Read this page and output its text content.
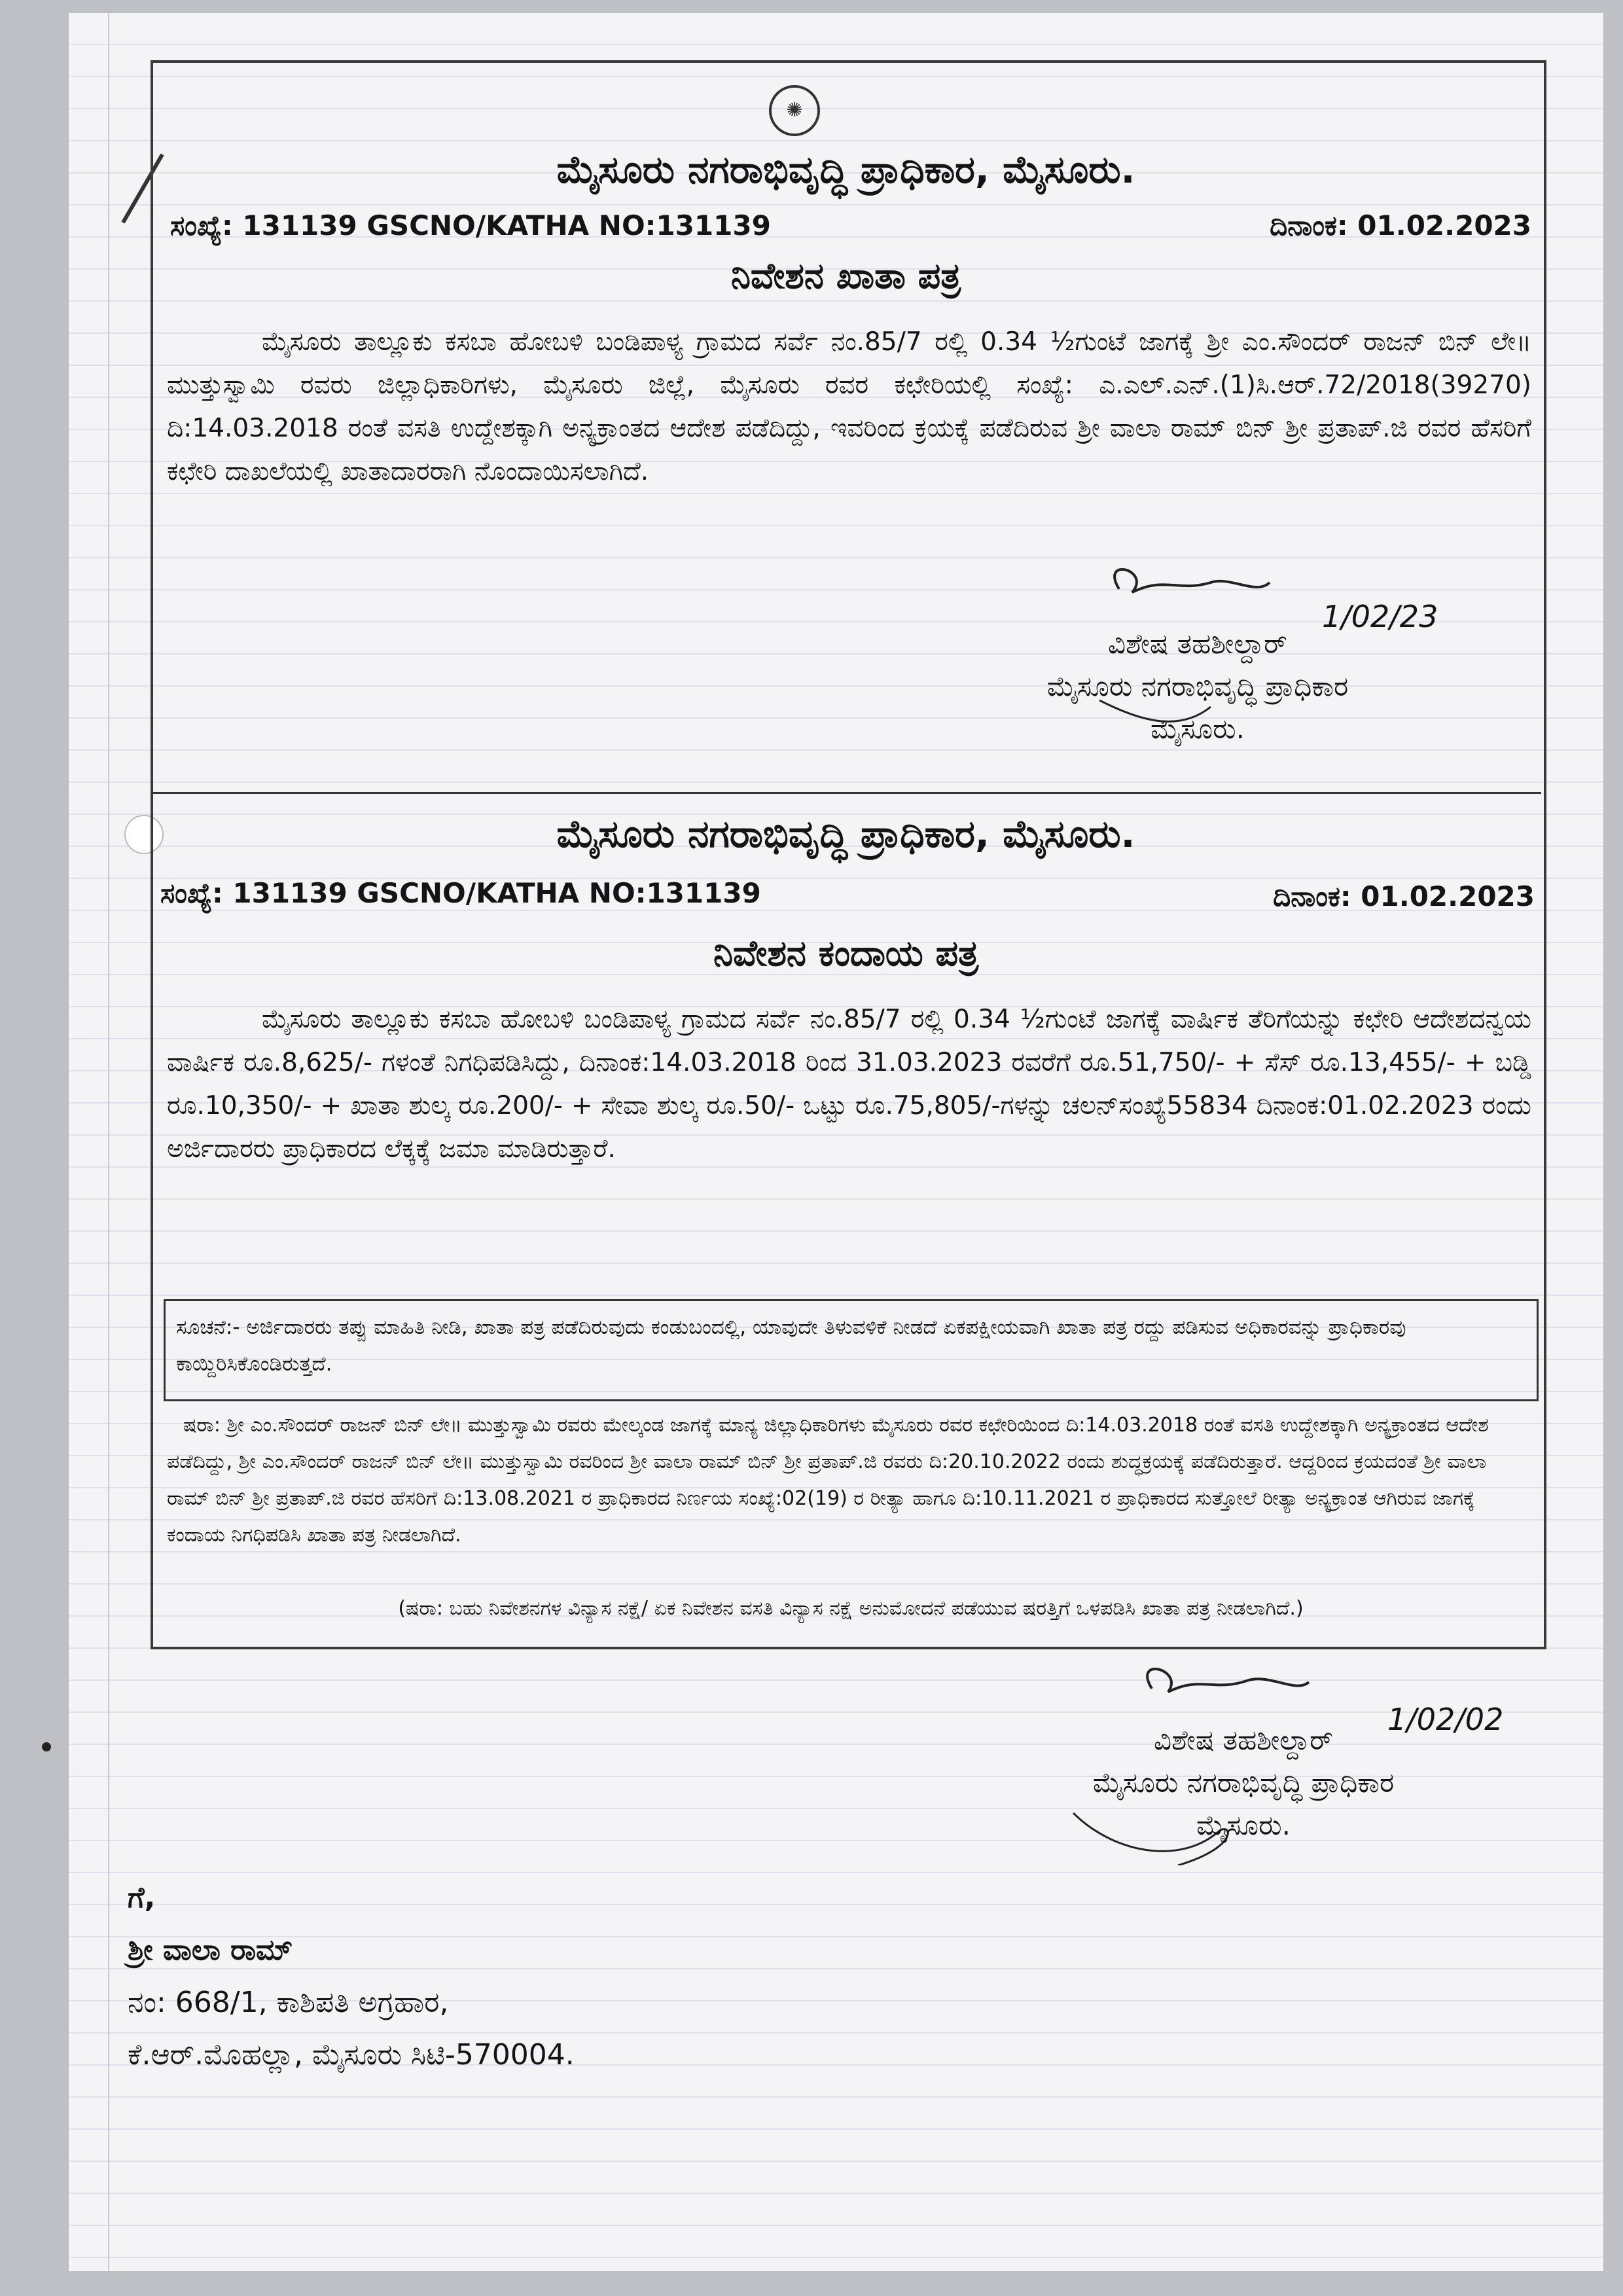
✺
ಮೈಸೂರು ನಗರಾಭಿವೃದ್ಧಿ ಪ್ರಾಧಿಕಾರ, ಮೈಸೂರು.
ಸಂಖ್ಯೆ: 131139 GSCNO/KATHA NO:131139	ದಿನಾಂಕ: 01.02.2023
ನಿವೇಶನ ಖಾತಾ ಪತ್ರ
ಮೈಸೂರು ತಾಲ್ಲೂಕು ಕಸಬಾ ಹೋಬಳಿ ಬಂಡಿಪಾಳ್ಯ ಗ್ರಾಮದ ಸರ್ವೆ ನಂ.85/7 ರಲ್ಲಿ 0.34 ½ಗುಂಟೆ ಜಾಗಕ್ಕೆ ಶ್ರೀ ಎಂ.ಸೌಂದರ್ ರಾಜನ್ ಬಿನ್ ಲೇ॥ ಮುತ್ತುಸ್ವಾಮಿ ರವರು ಜಿಲ್ಲಾಧಿಕಾರಿಗಳು, ಮೈಸೂರು ಜಿಲ್ಲೆ, ಮೈಸೂರು ರವರ ಕಛೇರಿಯಲ್ಲಿ ಸಂಖ್ಯೆ: ಎ.ಎಲ್.ಎನ್.(1)ಸಿ.ಆರ್.72/2018(39270) ದಿ:14.03.2018 ರಂತೆ ವಸತಿ ಉದ್ದೇಶಕ್ಕಾಗಿ ಅನ್ಯಕ್ರಾಂತದ ಆದೇಶ ಪಡೆದಿದ್ದು, ಇವರಿಂದ ಕ್ರಯಕ್ಕೆ ಪಡೆದಿರುವ ಶ್ರೀ ವಾಲಾ ರಾಮ್ ಬಿನ್ ಶ್ರೀ ಪ್ರತಾಪ್.ಜಿ ರವರ ಹೆಸರಿಗೆ ಕಛೇರಿ ದಾಖಲೆಯಲ್ಲಿ ಖಾತಾದಾರರಾಗಿ ನೊಂದಾಯಿಸಲಾಗಿದೆ.
1/02/23
ವಿಶೇಷ ತಹಶೀಲ್ದಾರ್
ಮೈಸೂರು ನಗರಾಭಿವೃದ್ಧಿ ಪ್ರಾಧಿಕಾರ
ಮೈಸೂರು.
ಮೈಸೂರು ನಗರಾಭಿವೃದ್ಧಿ ಪ್ರಾಧಿಕಾರ, ಮೈಸೂರು.
ಸಂಖ್ಯೆ: 131139 GSCNO/KATHA NO:131139	ದಿನಾಂಕ: 01.02.2023
ನಿವೇಶನ ಕಂದಾಯ ಪತ್ರ
ಮೈಸೂರು ತಾಲ್ಲೂಕು ಕಸಬಾ ಹೋಬಳಿ ಬಂಡಿಪಾಳ್ಯ ಗ್ರಾಮದ ಸರ್ವೆ ನಂ.85/7 ರಲ್ಲಿ 0.34 ½ಗುಂಟೆ ಜಾಗಕ್ಕೆ ವಾರ್ಷಿಕ ತೆರಿಗೆಯನ್ನು ಕಛೇರಿ ಆದೇಶದನ್ವಯ ವಾರ್ಷಿಕ ರೂ.8,625/- ಗಳಂತೆ ನಿಗಧಿಪಡಿಸಿದ್ದು, ದಿನಾಂಕ:14.03.2018 ರಿಂದ 31.03.2023 ರವರೆಗೆ ರೂ.51,750/- + ಸೆಸ್ ರೂ.13,455/- + ಬಡ್ಡಿ ರೂ.10,350/- + ಖಾತಾ ಶುಲ್ಕ ರೂ.200/- + ಸೇವಾ ಶುಲ್ಕ ರೂ.50/- ಒಟ್ಟು ರೂ.75,805/-ಗಳನ್ನು ಚಲನ್‌ಸಂಖ್ಯೆ55834 ದಿನಾಂಕ:01.02.2023 ರಂದು ಅರ್ಜಿದಾರರು ಪ್ರಾಧಿಕಾರದ ಲೆಕ್ಕಕ್ಕೆ ಜಮಾ ಮಾಡಿರುತ್ತಾರೆ.
ಸೂಚನೆ:- ಅರ್ಜಿದಾರರು ತಪ್ಪು ಮಾಹಿತಿ ನೀಡಿ, ಖಾತಾ ಪತ್ರ ಪಡೆದಿರುವುದು ಕಂಡುಬಂದಲ್ಲಿ, ಯಾವುದೇ ತಿಳುವಳಿಕೆ ನೀಡದೆ ಏಕಪಕ್ಷೀಯವಾಗಿ ಖಾತಾ ಪತ್ರ ರದ್ದು ಪಡಿಸುವ ಅಧಿಕಾರವನ್ನು ಪ್ರಾಧಿಕಾರವು ಕಾಯ್ದಿರಿಸಿಕೊಂಡಿರುತ್ತದೆ.
ಷರಾ: ಶ್ರೀ ಎಂ.ಸೌಂದರ್ ರಾಜನ್ ಬಿನ್ ಲೇ॥ ಮುತ್ತುಸ್ವಾಮಿ ರವರು ಮೇಲ್ಕಂಡ ಜಾಗಕ್ಕೆ ಮಾನ್ಯ ಜಿಲ್ಲಾಧಿಕಾರಿಗಳು ಮೈಸೂರು ರವರ ಕಛೇರಿಯಿಂದ ದಿ:14.03.2018 ರಂತೆ ವಸತಿ ಉದ್ದೇಶಕ್ಕಾಗಿ ಅನ್ಯಕ್ರಾಂತದ ಆದೇಶ ಪಡೆದಿದ್ದು, ಶ್ರೀ ಎಂ.ಸೌಂದರ್ ರಾಜನ್ ಬಿನ್ ಲೇ॥ ಮುತ್ತುಸ್ವಾಮಿ ರವರಿಂದ ಶ್ರೀ ವಾಲಾ ರಾಮ್ ಬಿನ್ ಶ್ರೀ ಪ್ರತಾಪ್.ಜಿ ರವರು ದಿ:20.10.2022 ರಂದು ಶುದ್ಧಕ್ರಯಕ್ಕೆ ಪಡೆದಿರುತ್ತಾರೆ. ಆದ್ದರಿಂದ ಕ್ರಯದಂತೆ ಶ್ರೀ ವಾಲಾ ರಾಮ್ ಬಿನ್ ಶ್ರೀ ಪ್ರತಾಪ್.ಜಿ ರವರ ಹೆಸರಿಗೆ ದಿ:13.08.2021 ರ ಪ್ರಾಧಿಕಾರದ ನಿರ್ಣಯ ಸಂಖ್ಯೆ:02(19) ರ ರೀತ್ಯಾ ಹಾಗೂ ದಿ:10.11.2021 ರ ಪ್ರಾಧಿಕಾರದ ಸುತ್ತೋಲೆ ರೀತ್ಯಾ ಅನ್ಯಕ್ರಾಂತ ಆಗಿರುವ ಜಾಗಕ್ಕೆ ಕಂದಾಯ ನಿಗಧಿಪಡಿಸಿ ಖಾತಾ ಪತ್ರ ನೀಡಲಾಗಿದೆ.
(ಷರಾ: ಬಹು ನಿವೇಶನಗಳ ವಿನ್ಯಾಸ ನಕ್ಷೆ/ ಏಕ ನಿವೇಶನ ವಸತಿ ವಿನ್ಯಾಸ ನಕ್ಷೆ ಅನುಮೋದನೆ ಪಡೆಯುವ ಷರತ್ತಿಗೆ ಒಳಪಡಿಸಿ ಖಾತಾ ಪತ್ರ ನೀಡಲಾಗಿದೆ.)
1/02/02
ವಿಶೇಷ ತಹಶೀಲ್ದಾರ್
ಮೈಸೂರು ನಗರಾಭಿವೃದ್ಧಿ ಪ್ರಾಧಿಕಾರ
ಮೈಸೂರು.
ಗೆ,
ಶ್ರೀ ವಾಲಾ ರಾಮ್
ನಂ: 668/1, ಕಾಶಿಪತಿ ಅಗ್ರಹಾರ,
ಕೆ.ಆರ್.ಮೊಹಲ್ಲಾ, ಮೈಸೂರು ಸಿಟಿ-570004.
